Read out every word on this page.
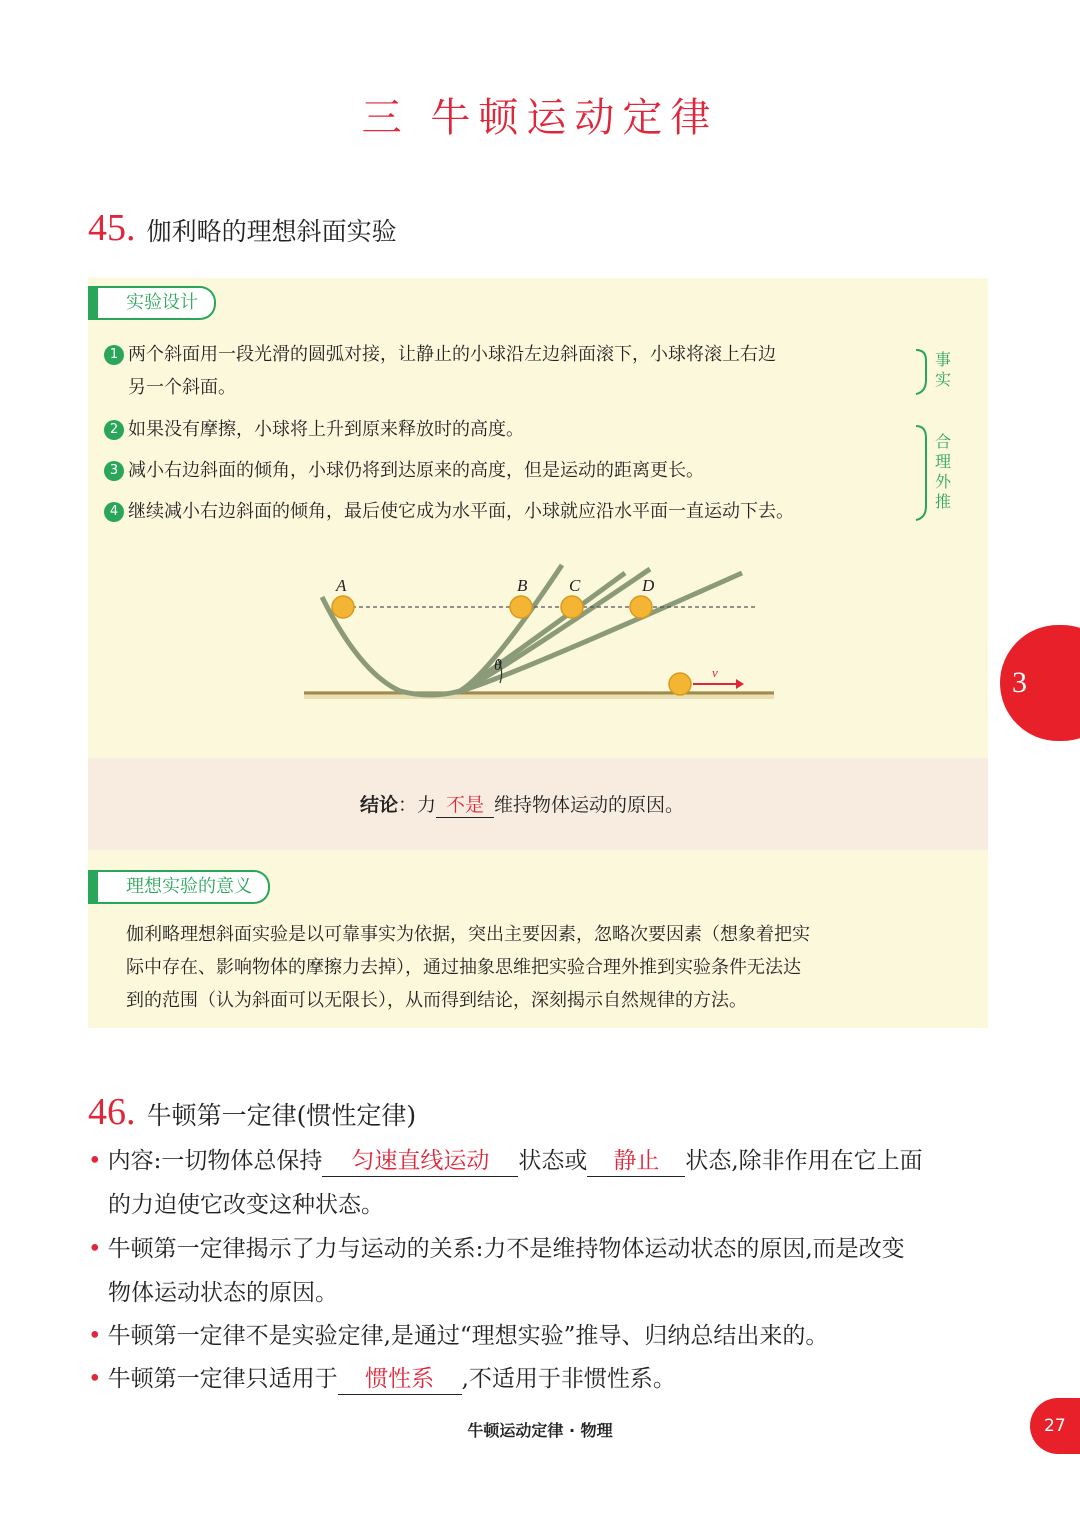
三 牛顿运动定律
45. 伽利略的理想斜面实验
实验设计
1 两个斜面用一段光滑的圆弧对接，让静止的小球沿左边斜面滚下，小球将滚上右边
另一个斜面。
2 如果没有摩擦，小球将上升到原来释放时的高度。
3 减小右边斜面的倾角，小球仍将到达原来的高度，但是运动的距离更长。
4 继续减小右边斜面的倾角，最后使它成为水平面，小球就应沿水平面一直运动下去。
事
实
合
理
外
推
A	B C	D
θ	v
结论：力 不是 维持物体运动的原因。
理想实验的意义
伽利略理想斜面实验是以可靠事实为依据，突出主要因素，忽略次要因素（想象着把实
际中存在、影响物体的摩擦力去掉），通过抽象思维把实验合理外推到实验条件无法达
到的范围（认为斜面可以无限长），从而得到结论，深刻揭示自然规律的方法。
46. 牛顿第一定律(惯性定律)
• 内容:一切物体总保持 匀速直线运动 状态或 静止 状态,除非作用在它上面
的力迫使它改变这种状态。
• 牛顿第一定律揭示了力与运动的关系:力不是维持物体运动状态的原因,而是改变
物体运动状态的原因。
• 牛顿第一定律不是实验定律,是通过“理想实验”推导、归纳总结出来的。
• 牛顿第一定律只适用于 惯性系 ,不适用于非惯性系。
3
牛顿运动定律 · 物理	27
